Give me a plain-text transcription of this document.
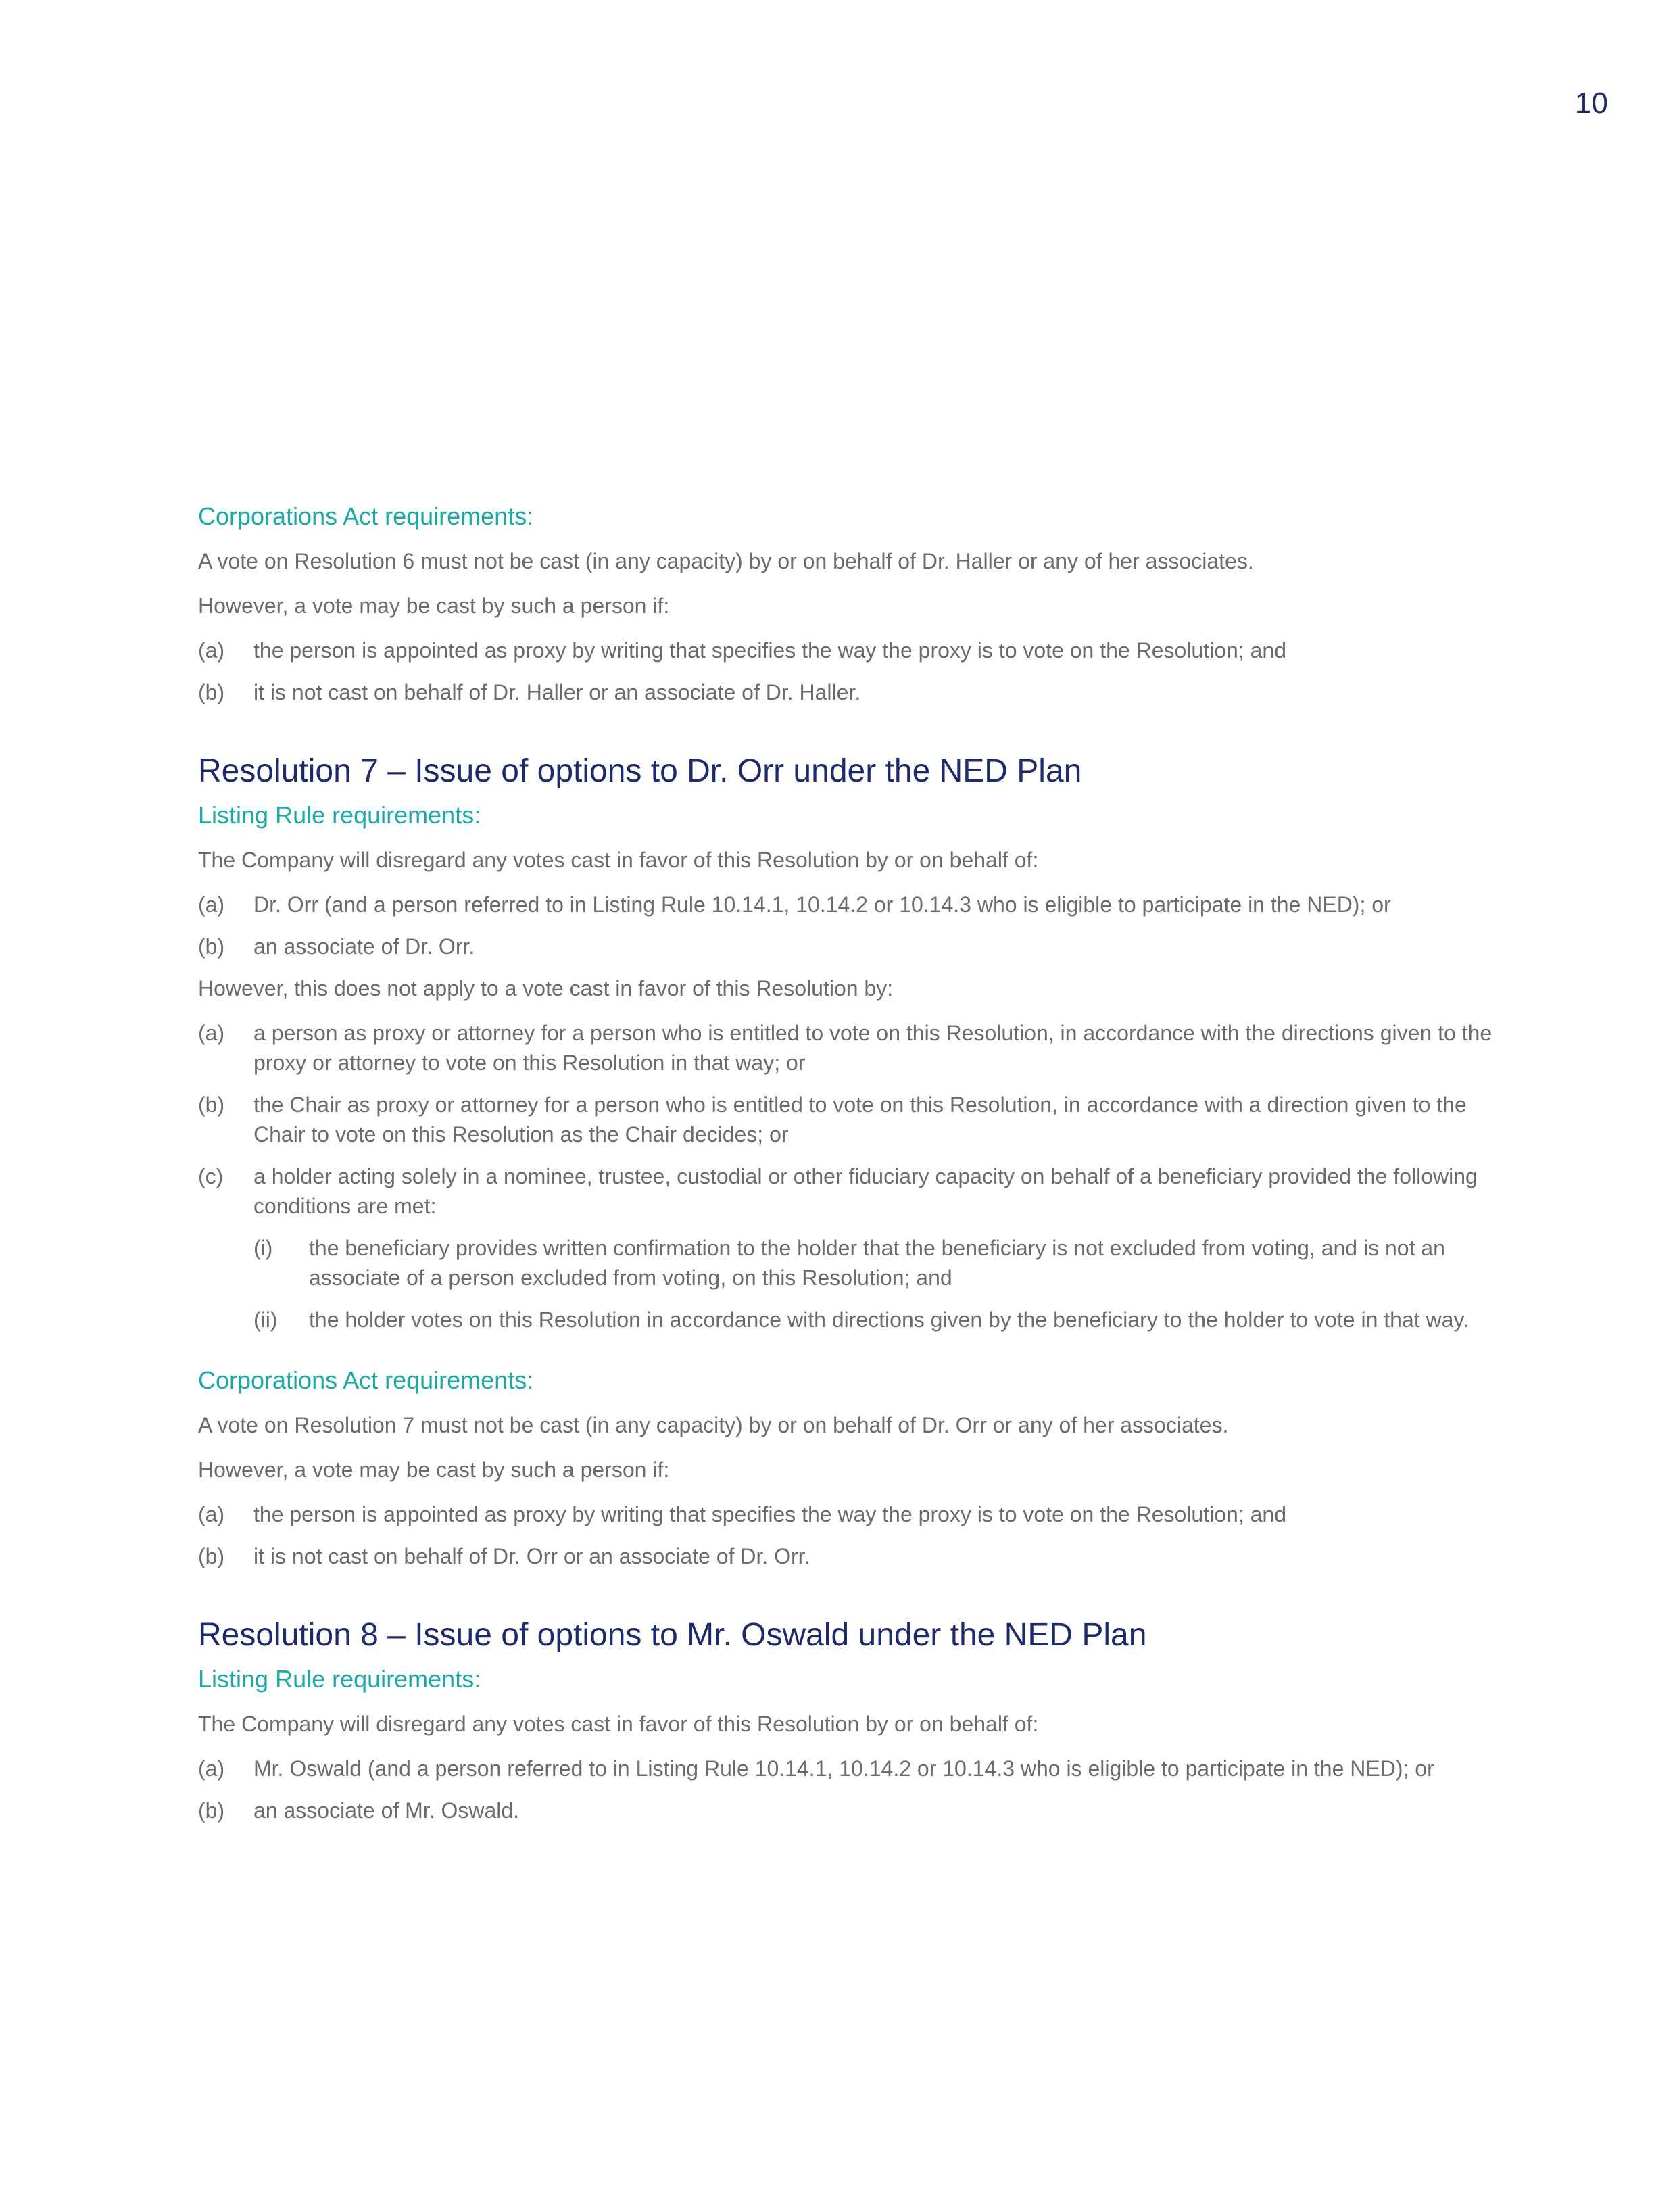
10
Corporations Act requirements:
A vote on Resolution 6 must not be cast (in any capacity) by or on behalf of Dr. Haller or any of her associates.
However, a vote may be cast by such a person if:
(a)	the person is appointed as proxy by writing that specifies the way the proxy is to vote on the Resolution; and
(b)	it is not cast on behalf of Dr. Haller or an associate of Dr. Haller.
Resolution 7 – Issue of options to Dr. Orr under the NED Plan
Listing Rule requirements:
The Company will disregard any votes cast in favor of this Resolution by or on behalf of:
(a)	Dr. Orr (and a person referred to in Listing Rule 10.14.1, 10.14.2 or 10.14.3 who is eligible to participate in the NED); or
(b)	an associate of Dr. Orr.
However, this does not apply to a vote cast in favor of this Resolution by:
(a)	a person as proxy or attorney for a person who is entitled to vote on this Resolution, in accordance with the directions given to the proxy or attorney to vote on this Resolution in that way; or
(b)	the Chair as proxy or attorney for a person who is entitled to vote on this Resolution, in accordance with a direction given to the Chair to vote on this Resolution as the Chair decides; or
(c)	a holder acting solely in a nominee, trustee, custodial or other fiduciary capacity on behalf of a beneficiary provided the following conditions are met:
(i)	the beneficiary provides written confirmation to the holder that the beneficiary is not excluded from voting, and is not an associate of a person excluded from voting, on this Resolution; and
(ii)	the holder votes on this Resolution in accordance with directions given by the beneficiary to the holder to vote in that way.
Corporations Act requirements:
A vote on Resolution 7 must not be cast (in any capacity) by or on behalf of Dr. Orr or any of her associates.
However, a vote may be cast by such a person if:
(a)	the person is appointed as proxy by writing that specifies the way the proxy is to vote on the Resolution; and
(b)	it is not cast on behalf of Dr. Orr or an associate of Dr. Orr.
Resolution 8 – Issue of options to Mr. Oswald under the NED Plan
Listing Rule requirements:
The Company will disregard any votes cast in favor of this Resolution by or on behalf of:
(a)	Mr. Oswald (and a person referred to in Listing Rule 10.14.1, 10.14.2 or 10.14.3 who is eligible to participate in the NED); or
(b)	an associate of Mr. Oswald.
